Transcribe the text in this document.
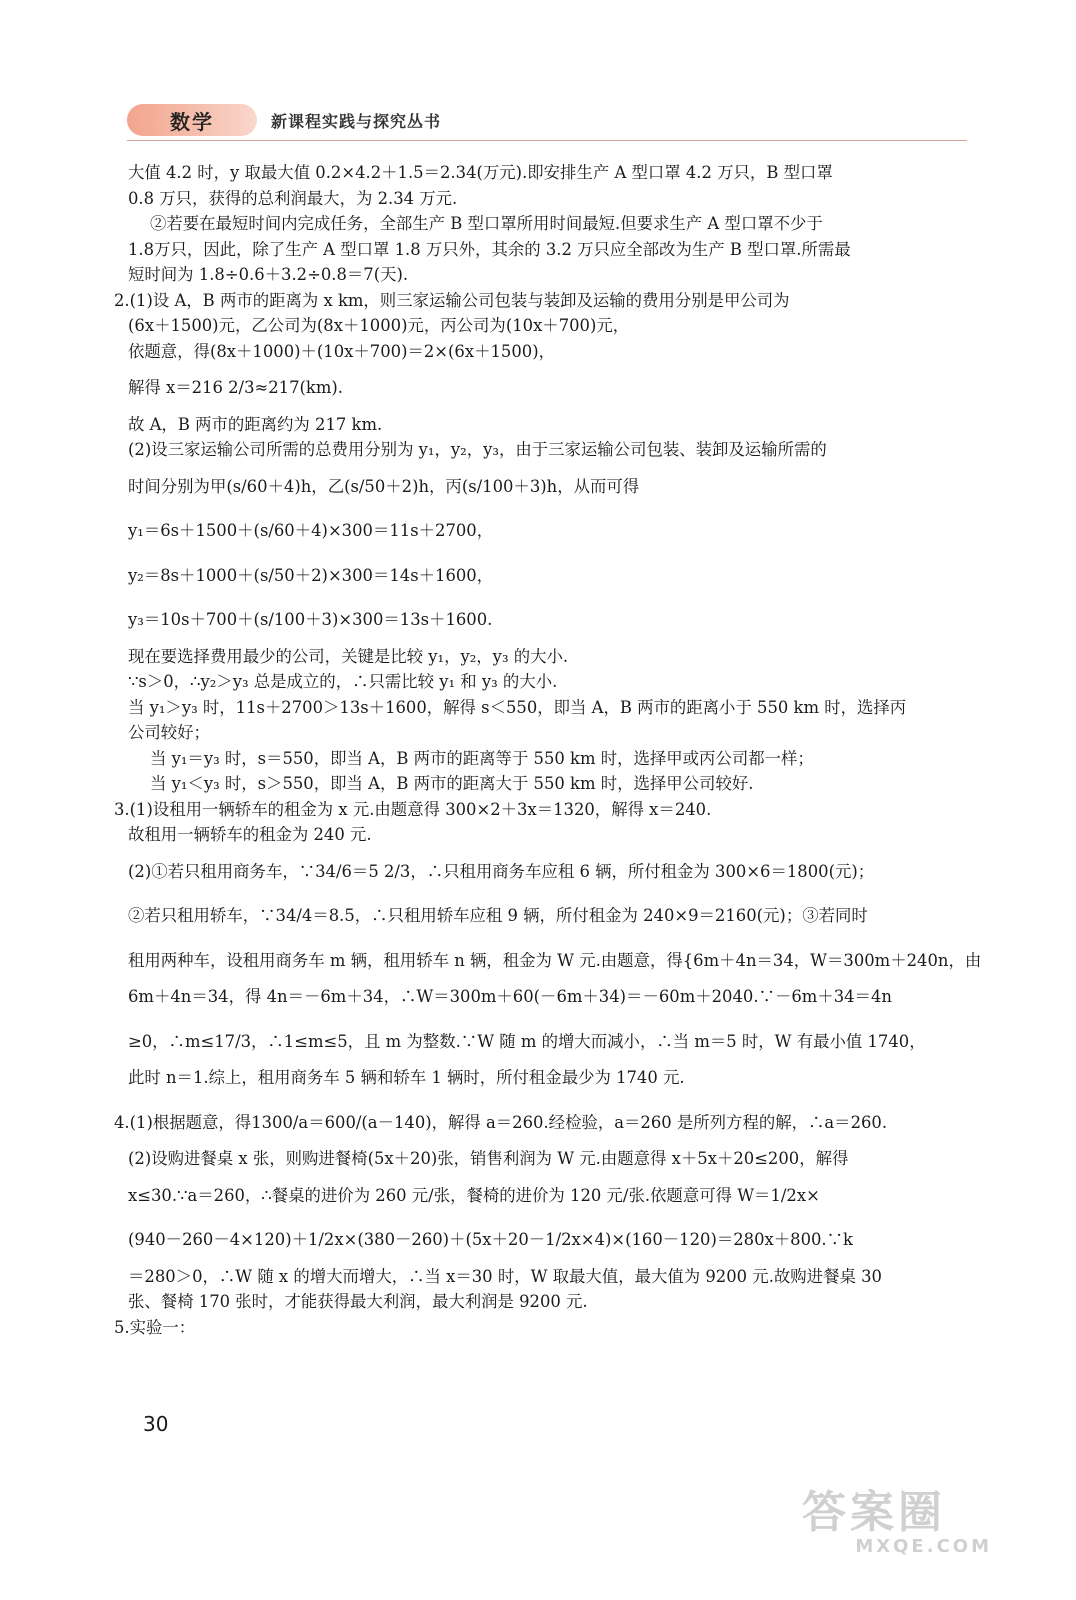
数学	新课程实践与探究丛书
大值 4.2 时，y 取最大值 0.2×4.2＋1.5＝2.34(万元).即安排生产 A 型口罩 4.2 万只，B 型口罩
0.8 万只，获得的总利润最大，为 2.34 万元.
②若要在最短时间内完成任务，全部生产 B 型口罩所用时间最短.但要求生产 A 型口罩不少于
1.8万只，因此，除了生产 A 型口罩 1.8 万只外，其余的 3.2 万只应全部改为生产 B 型口罩.所需最
短时间为 1.8÷0.6＋3.2÷0.8＝7(天).
2.(1)设 A，B 两市的距离为 x km，则三家运输公司包装与装卸及运输的费用分别是甲公司为
(6x＋1500)元，乙公司为(8x＋1000)元，丙公司为(10x＋700)元，
依题意，得(8x＋1000)＋(10x＋700)＝2×(6x＋1500)，
解得 x＝216 2/3≈217(km).
故 A，B 两市的距离约为 217 km.
(2)设三家运输公司所需的总费用分别为 y₁，y₂，y₃，由于三家运输公司包装、装卸及运输所需的
时间分别为甲(s/60＋4)h，乙(s/50＋2)h，丙(s/100＋3)h，从而可得
y₁＝6s＋1500＋(s/60＋4)×300＝11s＋2700，
y₂＝8s＋1000＋(s/50＋2)×300＝14s＋1600，
y₃＝10s＋700＋(s/100＋3)×300＝13s＋1600.
现在要选择费用最少的公司，关键是比较 y₁，y₂，y₃ 的大小.
∵s＞0，∴y₂＞y₃ 总是成立的，∴只需比较 y₁ 和 y₃ 的大小.
当 y₁＞y₃ 时，11s＋2700＞13s＋1600，解得 s＜550，即当 A，B 两市的距离小于 550 km 时，选择丙
公司较好；
当 y₁＝y₃ 时，s＝550，即当 A，B 两市的距离等于 550 km 时，选择甲或丙公司都一样；
当 y₁＜y₃ 时，s＞550，即当 A，B 两市的距离大于 550 km 时，选择甲公司较好.
3.(1)设租用一辆轿车的租金为 x 元.由题意得 300×2＋3x＝1320，解得 x＝240.
故租用一辆轿车的租金为 240 元.
(2)①若只租用商务车，∵34/6＝5 2/3，∴只租用商务车应租 6 辆，所付租金为 300×6＝1800(元)；
②若只租用轿车，∵34/4＝8.5，∴只租用轿车应租 9 辆，所付租金为 240×9＝2160(元)；③若同时
租用两种车，设租用商务车 m 辆，租用轿车 n 辆，租金为 W 元.由题意，得{6m＋4n＝34，W＝300m＋240n，由
6m＋4n＝34，得 4n＝－6m＋34，∴W＝300m＋60(－6m＋34)＝－60m＋2040.∵－6m＋34＝4n
≥0，∴m≤17/3，∴1≤m≤5，且 m 为整数.∵W 随 m 的增大而减小，∴当 m＝5 时，W 有最小值 1740，
此时 n＝1.综上，租用商务车 5 辆和轿车 1 辆时，所付租金最少为 1740 元.
4.(1)根据题意，得1300/a＝600/(a－140)，解得 a＝260.经检验，a＝260 是所列方程的解，∴a＝260.
(2)设购进餐桌 x 张，则购进餐椅(5x＋20)张，销售利润为 W 元.由题意得 x＋5x＋20≤200，解得
x≤30.∵a＝260，∴餐桌的进价为 260 元/张，餐椅的进价为 120 元/张.依题意可得 W＝1/2x×
(940－260－4×120)＋1/2x×(380－260)＋(5x＋20－1/2x×4)×(160－120)＝280x＋800.∵k
＝280＞0，∴W 随 x 的增大而增大，∴当 x＝30 时，W 取最大值，最大值为 9200 元.故购进餐桌 30
张、餐椅 170 张时，才能获得最大利润，最大利润是 9200 元.
5.实验一：
30
答案圈
MXQE.COM
